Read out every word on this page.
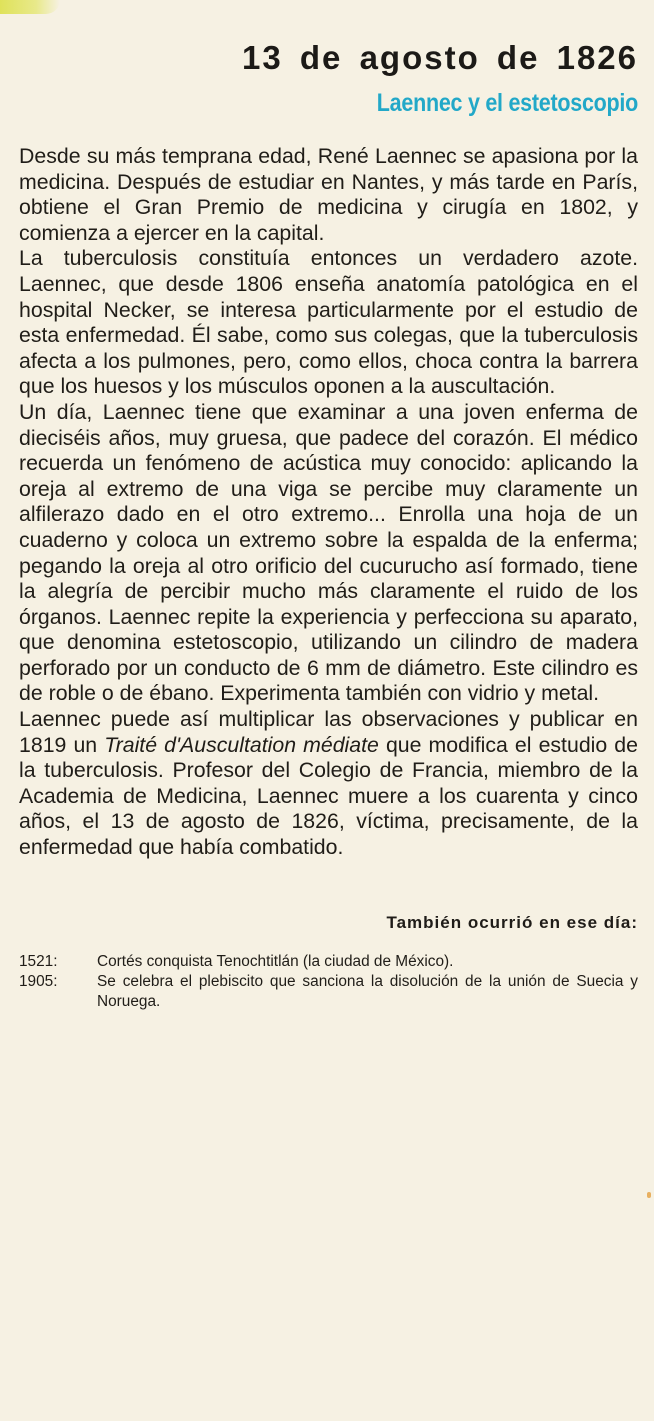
13 de agosto de 1826
Laennec y el estetoscopio

Desde su más temprana edad, René Laennec se apasiona por la medicina. Después de estudiar en Nantes, y más tarde en París, obtiene el Gran Premio de medicina y cirugía en 1802, y comienza a ejercer en la capital.

La tuberculosis constituía entonces un verdadero azote. Laennec, que desde 1806 enseña anatomía patológica en el hospital Necker, se interesa particularmente por el estudio de esta enfermedad. Él sabe, como sus colegas, que la tuberculosis afecta a los pulmones, pero, como ellos, choca contra la barrera que los huesos y los músculos oponen a la auscultación.

Un día, Laennec tiene que examinar a una joven enferma de dieciséis años, muy gruesa, que padece del corazón. El médico recuerda un fenómeno de acústica muy conocido: aplicando la oreja al extremo de una viga se percibe muy claramente un alfilerazo dado en el otro extremo... Enrolla una hoja de un cuaderno y coloca un extremo sobre la espalda de la enferma; pegando la oreja al otro orificio del cucurucho así formado, tiene la alegría de percibir mucho más claramente el ruido de los órganos. Laennec repite la experiencia y perfecciona su aparato, que denomina estetoscopio, utilizando un cilindro de madera perforado por un conducto de 6 mm de diámetro. Este cilindro es de roble o de ébano. Experimenta también con vidrio y metal.

Laennec puede así multiplicar las observaciones y publicar en 1819 un Traité d'Auscultation médiate que modifica el estudio de la tuberculosis. Profesor del Colegio de Francia, miembro de la Academia de Medicina, Laennec muere a los cuarenta y cinco años, el 13 de agosto de 1826, víctima, precisamente, de la enfermedad que había combatido.

También ocurrió en ese día:
1521:	Cortés conquista Tenochtitlán (la ciudad de México).
1905:	Se celebra el plebiscito que sanciona la disolución de la unión de Suecia y Noruega.
